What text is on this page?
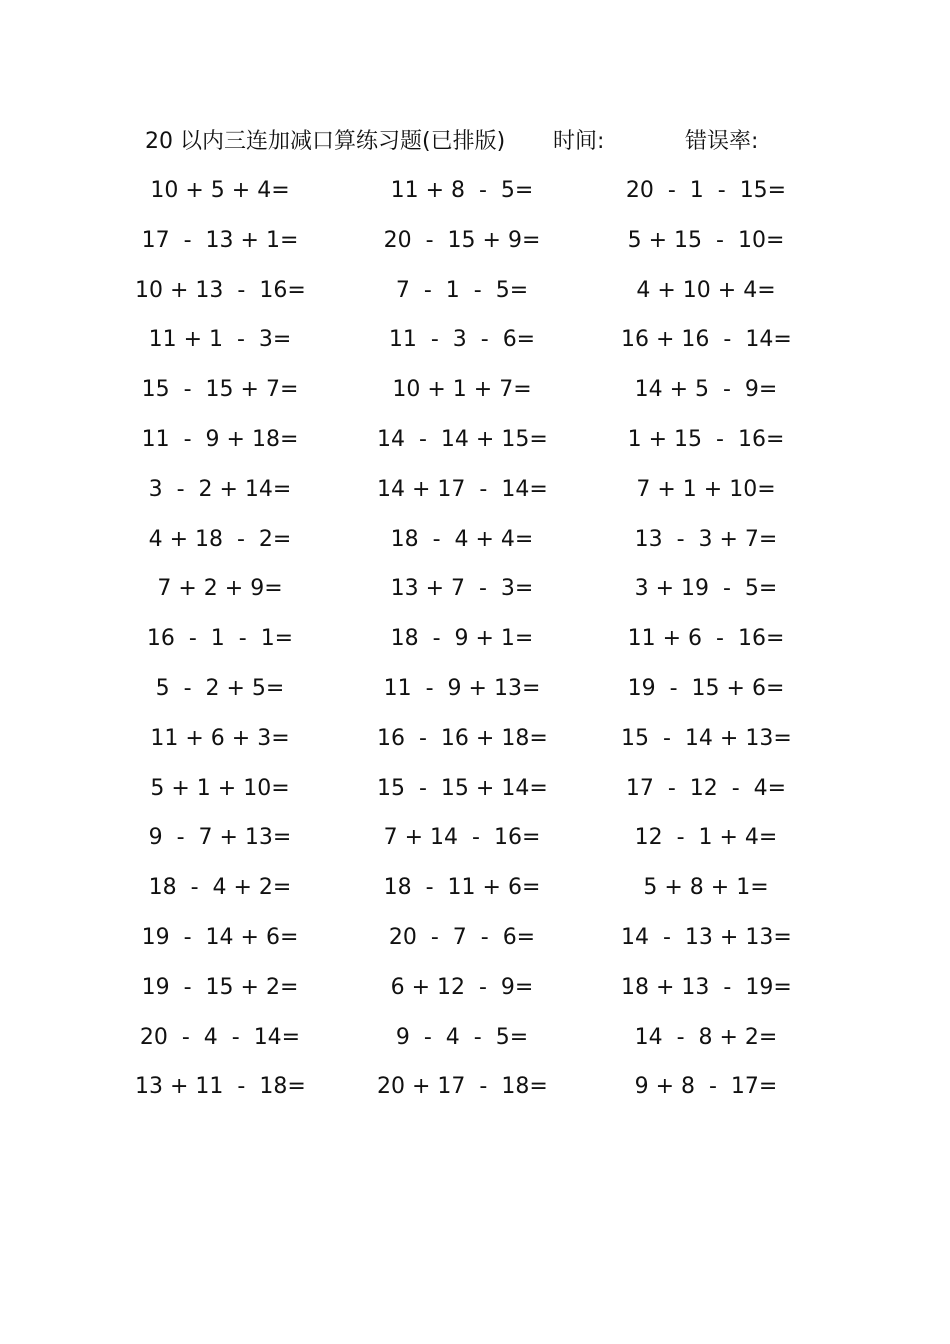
20 以内三连加减口算练习题(已排版) 时间:	错误率:
10 + 5 + 4=	11 + 8  -  5=	20  -  1  -  15=
17  -  13 + 1=	20  -  15 + 9=	5 + 15  -  10=
10 + 13  -  16=	7  -  1  -  5=	4 + 10 + 4=
11 + 1  -  3=	11  -  3  -  6=	16 + 16  -  14=
15  -  15 + 7=	10 + 1 + 7=	14 + 5  -  9=
11  -  9 + 18=	14  -  14 + 15=	1 + 15  -  16=
3  -  2 + 14=	14 + 17  -  14=	7 + 1 + 10=
4 + 18  -  2=	18  -  4 + 4=	13  -  3 + 7=
7 + 2 + 9=	13 + 7  -  3=	3 + 19  -  5=
16  -  1  -  1=	18  -  9 + 1=	11 + 6  -  16=
5  -  2 + 5=	11  -  9 + 13=	19  -  15 + 6=
11 + 6 + 3=	16  -  16 + 18=	15  -  14 + 13=
5 + 1 + 10=	15  -  15 + 14=	17  -  12  -  4=
9  -  7 + 13=	7 + 14  -  16=	12  -  1 + 4=
18  -  4 + 2=	18  -  11 + 6=	5 + 8 + 1=
19  -  14 + 6=	20  -  7  -  6=	14  -  13 + 13=
19  -  15 + 2=	6 + 12  -  9=	18 + 13  -  19=
20  -  4  -  14=	9  -  4  -  5=	14  -  8 + 2=
13 + 11  -  18=	20 + 17  -  18=	9 + 8  -  17=
